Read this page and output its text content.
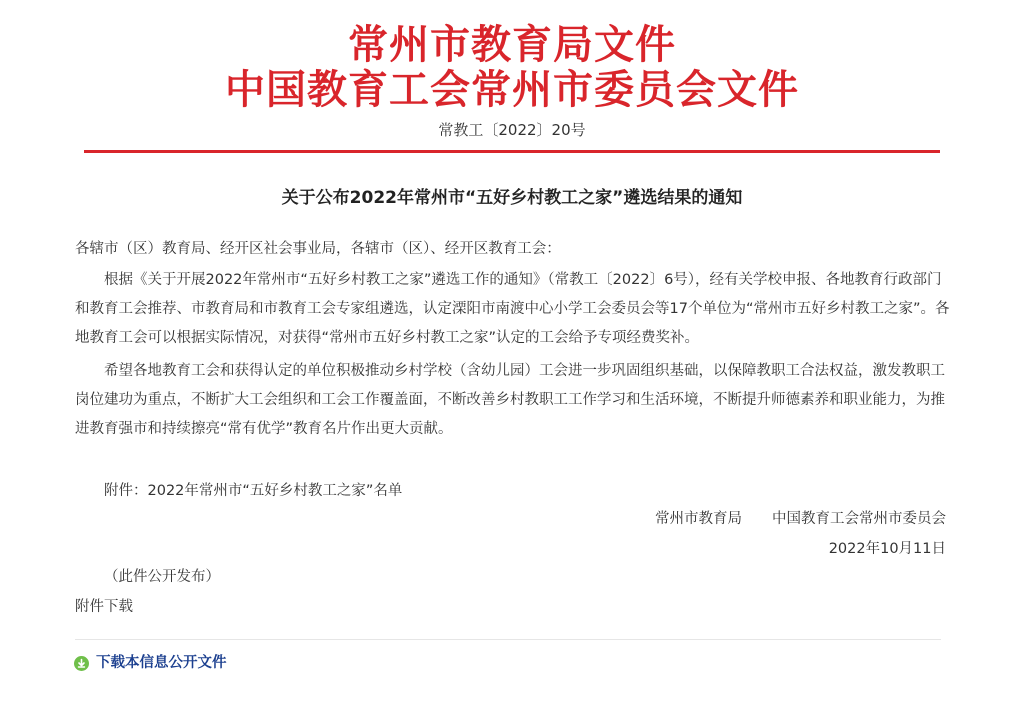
常州市教育局文件
中国教育工会常州市委员会文件
常教工〔2022〕20号
关于公布2022年常州市“五好乡村教工之家”遴选结果的通知
各辖市（区）教育局、经开区社会事业局，各辖市（区）、经开区教育工会：
根据《关于开展2022年常州市“五好乡村教工之家”遴选工作的通知》（常教工〔2022〕6号），经有关学校申报、各地教育行政部门和教育工会推荐、市教育局和市教育工会专家组遴选，认定溧阳市南渡中心小学工会委员会等17个单位为“常州市五好乡村教工之家”。各地教育工会可以根据实际情况，对获得“常州市五好乡村教工之家”认定的工会给予专项经费奖补。
希望各地教育工会和获得认定的单位积极推动乡村学校（含幼儿园）工会进一步巩固组织基础，以保障教职工合法权益，激发教职工岗位建功为重点，不断扩大工会组织和工会工作覆盖面，不断改善乡村教职工工作学习和生活环境，不断提升师德素养和职业能力，为推进教育强市和持续擦亮“常有优学”教育名片作出更大贡献。
附件：2022年常州市“五好乡村教工之家”名单
常州市教育局 中国教育工会常州市委员会
2022年10月11日
（此件公开发布）
附件下载
下载本信息公开文件
